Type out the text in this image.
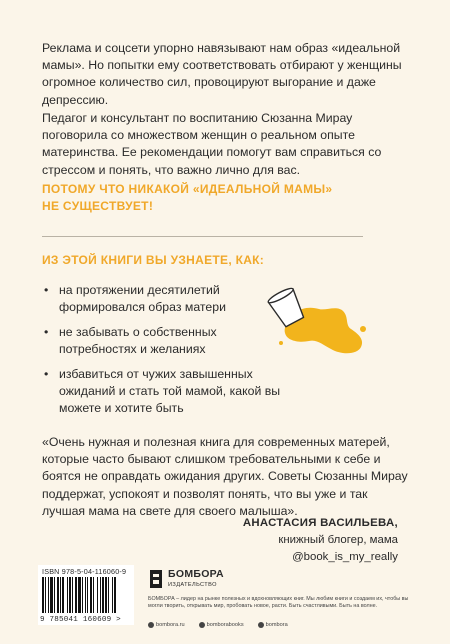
Реклама и соцсети упорно навязывают нам образ «идеальной мамы». Но попытки ему соответствовать отбирают у женщины огромное количество сил, провоцируют выгорание и даже депрессию.

Педагог и консультант по воспитанию Сюзанна Мирау поговорила со множеством женщин о реальном опыте материнства. Ее рекомендации помогут вам справиться со стрессом и понять, что важно лично для вас.

ПОТОМУ ЧТО НИКАКОЙ «ИДЕАЛЬНОЙ МАМЫ»
НЕ СУЩЕСТВУЕТ!
ИЗ ЭТОЙ КНИГИ ВЫ УЗНАЕТЕ, КАК:
• на протяжении десятилетий формировался образ матери
• не забывать о собственных потребностях и желаниях
• избавиться от чужих завышенных ожиданий и стать той мамой, какой вы можете и хотите быть

«Очень нужная и полезная книга для современных матерей, которые часто бывают слишком требовательными к себе и боятся не оправдать ожидания других. Советы Сюзанны Мирау поддержат, успокоят и позволят понять, что вы уже и так лучшая мама на свете для своего малыша».

АНАСТАСИЯ ВАСИЛЬЕВА,
книжный блогер, мама
@book_is_my_really
ISBN 978-5-04-116060-9
9 785041 160609 >
БОМБОРА
ИЗДАТЕЛЬСТВО

БОМБОРА – лидер на рынке полезных и вдохновляющих книг. Мы любим книги и создаем их, чтобы вы могли творить, открывать мир, пробовать новое, расти. Быть счастливыми. Быть на волне.

bombora.ru	bomborabooks	bombora
